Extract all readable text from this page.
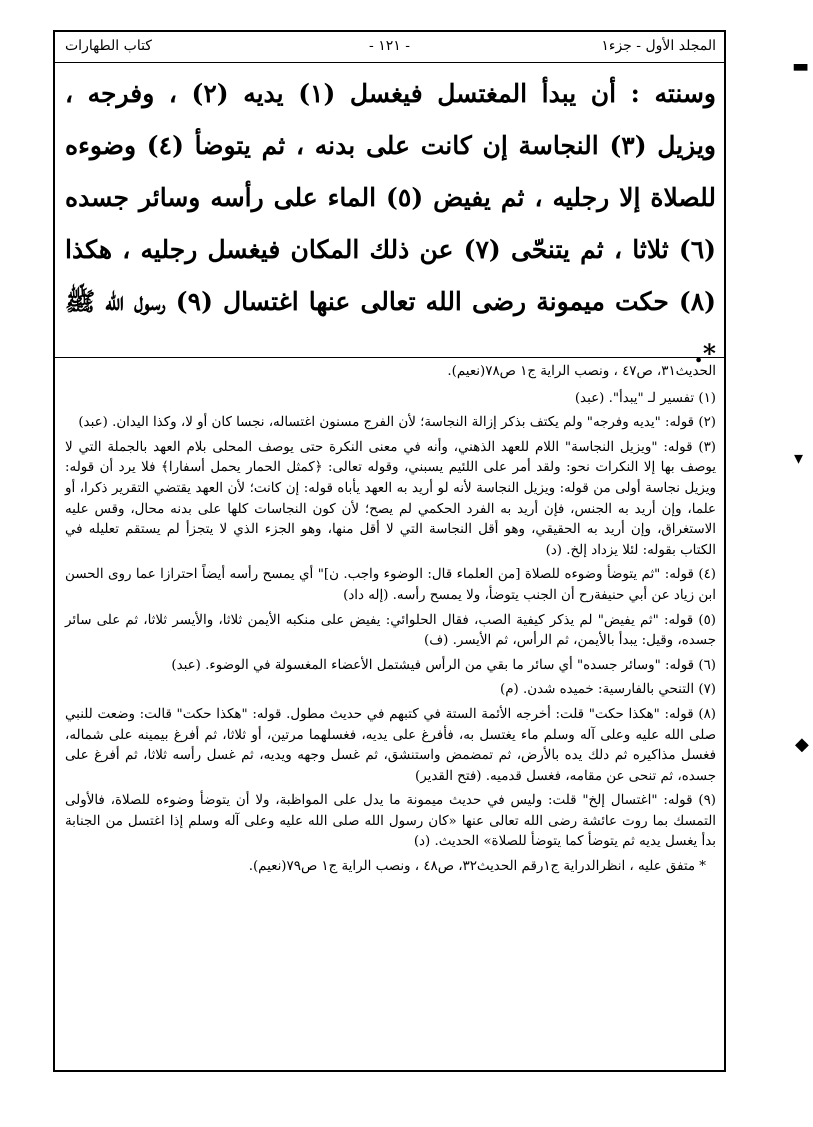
- ١٢١ -	المجلد الأول - جزء١
كتاب الطهارات

وسنته : أن يبدأ المغتسل فيغسل (١) يديه (٢) ، وفرجه ، ويزيل (٣) النجاسة إن كانت على بدنه ، ثم يتوضأ (٤) وضوءه للصلاة إلا رجليه ، ثم يفيض (٥) الماء على رأسه وسائر جسده (٦) ثلاثا ، ثم يتنحّى (٧) عن ذلك المكان فيغسل رجليه ، هكذا (٨) حكت ميمونة رضى الله تعالى عنها اغتسال (٩) رسول الله ﷺ *.

الحديث٣١، ص٤٧ ، ونصب الراية ج١ ص٧٨(نعيم).

(١) تفسير لـ "يبدأ". (عبد)

(٢) قوله: "يديه وفرجه" ولم يكتف بذكر إزالة النجاسة؛ لأن الفرج مسنون اغتساله، نجسا كان أو لا، وكذا اليدان. (عبد)

(٣) قوله: "ويزيل النجاسة" اللام للعهد الذهني، وأنه في معنى النكرة حتى يوصف المحلى بلام العهد بالجملة التي لا يوصف بها إلا النكرات نحو: ولقد أمر على اللئيم يسبني، وقوله تعالى: ﴿كمثل الحمار يحمل أسفارا﴾ فلا يرد أن قوله: ويزيل نجاسة أولى من قوله: ويزيل النجاسة لأنه لو أريد به العهد يأباه قوله: إن كانت؛ لأن العهد يقتضي التقرير ذكرا، أو علما، وإن أريد به الجنس، فإن أريد به الفرد الحكمي لم يصح؛ لأن كون النجاسات كلها على بدنه محال، وقس عليه الاستغراق، وإن أريد به الحقيقي، وهو أقل النجاسة التي لا أقل منها، وهو الجزء الذي لا يتجزأ لم يستقم تعليله في الكتاب بقوله: لئلا يزداد إلخ. (د)

(٤) قوله: "ثم يتوضأ وضوءه للصلاة [من العلماء قال: الوضوء واجب. ن]" أي يمسح رأسه أيضاً احترازا عما روى الحسن ابن زياد عن أبي حنيفةرح أن الجنب يتوضأ، ولا يمسح رأسه. (إله داد)

(٥) قوله: "ثم يفيض" لم يذكر كيفية الصب، فقال الحلوائي: يفيض على منكبه الأيمن ثلاثا، والأيسر ثلاثا، ثم على سائر جسده، وقيل: يبدأ بالأيمن، ثم الرأس، ثم الأيسر. (ف)

(٦) قوله: "وسائر جسده" أي سائر ما بقي من الرأس فيشتمل الأعضاء المغسولة في الوضوء. (عبد)

(٧) التنحي بالفارسية: خميده شدن. (م)

(٨) قوله: "هكذا حكت" قلت: أخرجه الأئمة الستة في كتبهم في حديث مطول. قوله: "هكذا حكت" قالت: وضعت للنبي صلى الله عليه وعلى آله وسلم ماء يغتسل به، فأفرغ على يديه، فغسلهما مرتين، أو ثلاثا، ثم أفرغ بيمينه على شماله، فغسل مذاكيره ثم دلك يده بالأرض، ثم تمضمض واستنشق، ثم غسل وجهه ويديه، ثم غسل رأسه ثلاثا، ثم أفرغ على جسده، ثم تنحى عن مقامه، فغسل قدميه. (فتح القدير)

(٩) قوله: "اغتسال إلخ" قلت: وليس في حديث ميمونة ما يدل على المواظبة، ولا أن يتوضأ وضوءه للصلاة، فالأولى التمسك بما روت عائشة رضى الله تعالى عنها «كان رسول الله صلى الله عليه وعلى آله وسلم إذا اغتسل من الجنابة بدأ يغسل يديه ثم يتوضأ كما يتوضأ للصلاة» الحديث. (د)

* متفق عليه ، انظرالدراية ج١رقم الحديث٣٢، ص٤٨ ، ونصب الراية ج١ ص٧٩(نعيم).

▬
▾
◆
